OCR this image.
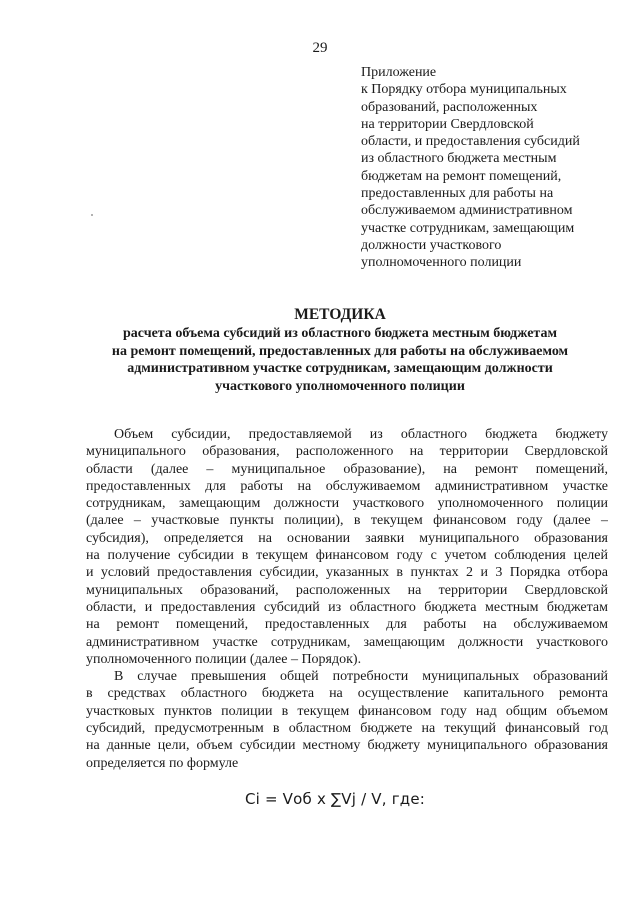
29
Приложение
к Порядку отбора муниципальных
образований, расположенных
на территории Свердловской
области, и предоставления субсидий
из областного бюджета местным
бюджетам на ремонт помещений,
предоставленных для работы на
обслуживаемом административном
участке сотрудникам, замещающим
должности участкового
уполномоченного полиции
МЕТОДИКА
расчета объема субсидий из областного бюджета местным бюджетам
на ремонт помещений, предоставленных для работы на обслуживаемом
административном участке сотрудникам, замещающим должности
участкового уполномоченного полиции
Объем субсидии, предоставляемой из областного бюджета бюджету
муниципального образования, расположенного на территории Свердловской
области (далее – муниципальное образование), на ремонт помещений,
предоставленных для работы на обслуживаемом административном участке
сотрудникам, замещающим должности участкового уполномоченного полиции
(далее – участковые пункты полиции), в текущем финансовом году (далее –
субсидия), определяется на основании заявки муниципального образования
на получение субсидии в текущем финансовом году с учетом соблюдения целей
и условий предоставления субсидии, указанных в пунктах 2 и 3 Порядка отбора
муниципальных образований, расположенных на территории Свердловской
области, и предоставления субсидий из областного бюджета местным бюджетам
на ремонт помещений, предоставленных для работы на обслуживаемом
административном участке сотрудникам, замещающим должности участкового
уполномоченного полиции (далее – Порядок).
В случае превышения общей потребности муниципальных образований
в средствах областного бюджета на осуществление капитального ремонта
участковых пунктов полиции в текущем финансовом году над общим объемом
субсидий, предусмотренным в областном бюджете на текущий финансовый год
на данные цели, объем субсидии местному бюджету муниципального образования
определяется по формуле
Ci = Vоб x ∑Vj / V, где:
